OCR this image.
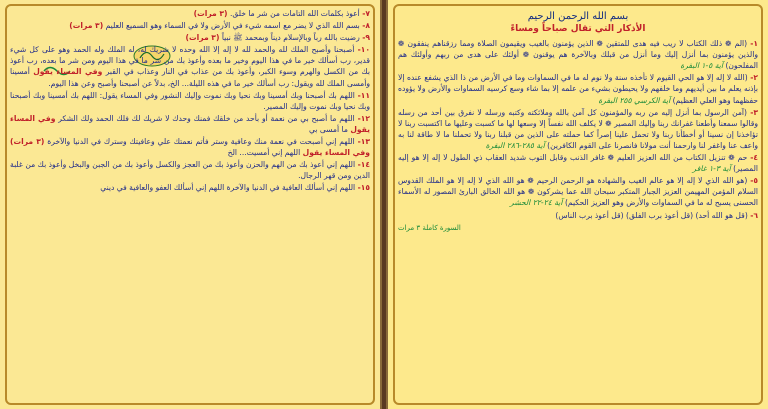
٧- أعوذ بكلمات الله التامات من شر ما خلق. (٣ مرات)

٨- بسم الله الذي لا يضر مع اسمه شيء في الأرض ولا في السماء وهو السميع العليم (٣ مرات)

٩- رضيت بالله رباً وبالإسلام ديناً وبمحمد ﷺ نبياً (٣ مرات)

١٠- أصبحنا وأصبح الملك لله والحمد لله لا إله إلا الله وحده لا شريك له، له الملك وله الحمد وهو على كل شيء قدير، رب أسألك خير ما في هذا اليوم وخير ما بعده وأعوذ بك من شر ما في هذا اليوم ومن شر ما بعده، رب أعوذ بك من الكسل والهرم وسوء الكبر، وأعوذ بك من عذاب في النار وعذاب في القبر وفي المساء يقول أمسينا وأمسى الملك لله ويقول: رب أسألك خير ما في هذه الليلة... الخ، بدلاً عن أصبحنا وأصبح وعن هذا اليوم.

١١- اللهم بك أصبحنا وبك أمسينا وبك نحيا وبك نموت وإليك النشور وفي المساء يقول: اللهم بك أمسينا وبك أصبحنا وبك نحيا وبك نموت وإليك المصير.

١٢- اللهم ما أصبح بي من نعمة أو بأحد من خلقك فمنك وحدك لا شريك لك فلك الحمد ولك الشكر وفي المساء يقول ما أمسى بي

١٣- اللهم إني أصبحت في نعمة منك وعافية وستر فأتم نعمتك علي وعافيتك وسترك في الدنيا والآخرة (٣ مرات) وفي المساء يقول اللهم إني أمسيت... الخ

١٤- اللهم إني أعوذ بك من الهم والحزن وأعوذ بك من العجز والكسل وأعوذ بك من الجبن والبخل وأعوذ بك من غلبة الدين ومن قهر الرجال.

١٥- اللهم إني أسألك العافية في الدنيا والآخرة اللهم إني أسألك العفو والعافية في ديني

بسم الله الرحمن الرحيم
الأذكار التي تقال صباحاً ومساءً

١- (الم ❁ ذلك الكتاب لا ريب فيه هدى للمتقين ❁ الذين يؤمنون بالغيب ويقيمون الصلاة ومما رزقناهم ينفقون ❁ والذين يؤمنون بما أنزل إليك وما أنزل من قبلك وبالآخرة هم يوقنون ❁ أولئك على هدى من ربهم وأولئك هم المفلحون) آية ٥-١ البقرة

٢- (الله لا إله إلا هو الحي القيوم لا تأخذه سنة ولا نوم له ما في السماوات وما في الأرض من ذا الذي يشفع عنده إلا بإذنه يعلم ما بين أيديهم وما خلفهم ولا يحيطون بشيء من علمه إلا بما شاء وسع كرسيه السماوات والأرض ولا يؤوده حفظهما وهو العلي العظيم) آية الكرسي ٢٥٥ البقرة

٣- (آمن الرسول بما أنزل إليه من ربه والمؤمنون كل آمن بالله وملائكته وكتبه ورسله لا نفرق بين أحد من رسله وقالوا سمعنا وأطعنا غفرانك ربنا وإليك المصير ❁ لا يكلف الله نفساً إلا وسعها لها ما كسبت وعليها ما اكتسبت ربنا لا تؤاخذنا إن نسينا أو أخطأنا ربنا ولا تحمل علينا إصراً كما حملته على الذين من قبلنا ربنا ولا تحملنا ما لا طاقة لنا به واعف عنا واغفر لنا وارحمنا أنت مولانا فانصرنا على القوم الكافرين) آية ٢٨٥-٢٨٦ البقرة

٤- حم ❁ تنزيل الكتاب من الله العزيز العليم ❁ غافر الذنب وقابل التوب شديد العقاب ذي الطول لا إله إلا هو إليه المصير) آية ٣-١ غافر

٥- (هو الله الذي لا إله إلا هو عالم الغيب والشهادة هو الرحمن الرحيم ❁ هو الله الذي لا إله إلا هو الملك القدوس السلام المؤمن المهيمن العزيز الجبار المتكبر سبحان الله عما يشركون ❁ هو الله الخالق البارئ المصور له الأسماء الحسنى يسبح له ما في السماوات والأرض وهو العزيز الحكيم) آية ٢٤-٢٢ الحشر

٦- (قل هو الله أحد) (قل أعوذ برب الفلق) (قل أعوذ برب الناس)

السورة كاملة ٣ مرات
